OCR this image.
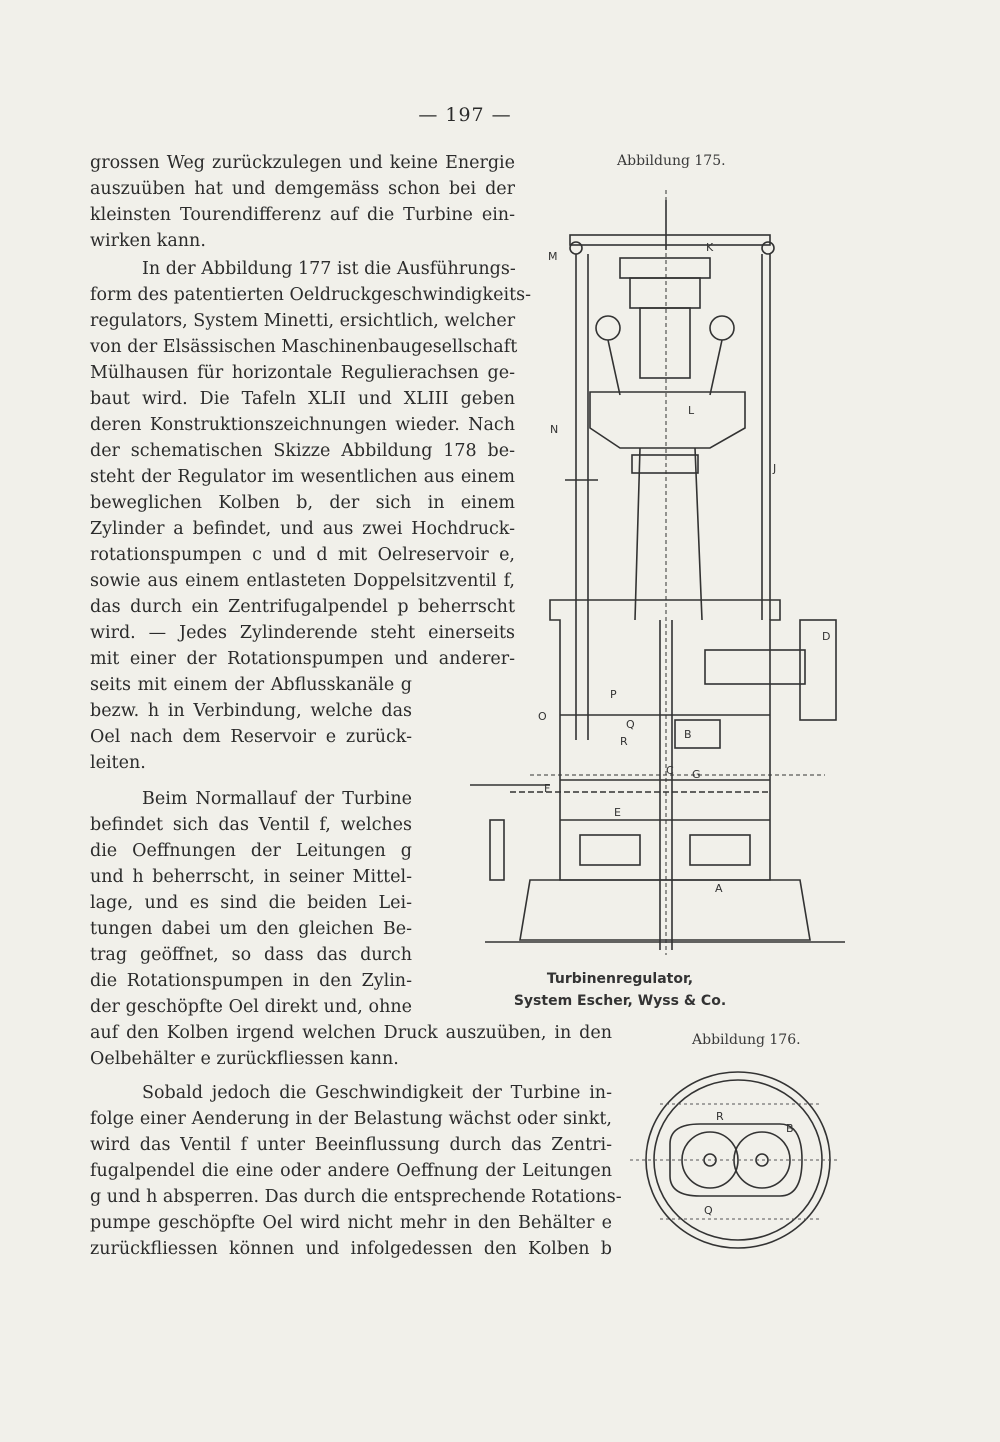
— 197 —
grossen Weg zurückzulegen und keine Energie
auszuüben hat und demgemäss schon bei der
kleinsten Tourendifferenz auf die Turbine ein-
wirken kann.
In der Abbildung 177 ist die Ausführungs-
form des patentierten Oeldruckgeschwindigkeits-
regulators, System Minetti, ersichtlich, welcher
von der Elsässischen Maschinenbaugesellschaft
Mülhausen für horizontale Regulierachsen ge-
baut wird. Die Tafeln XLII und XLIII geben
deren Konstruktionszeichnungen wieder. Nach
der schematischen Skizze Abbildung 178 be-
steht der Regulator im wesentlichen aus einem
beweglichen Kolben b, der sich in einem
Zylinder a befindet, und aus zwei Hochdruck-
rotationspumpen c und d mit Oelreservoir e,
sowie aus einem entlasteten Doppelsitzventil f,
das durch ein Zentrifugalpendel p beherrscht
wird. — Jedes Zylinderende steht einerseits
mit einer der Rotationspumpen und anderer-
seits mit einem der Abflusskanäle g
bezw. h in Verbindung, welche das
Oel nach dem Reservoir e zurück-
leiten.
Beim Normallauf der Turbine
befindet sich das Ventil f, welches
die Oeffnungen der Leitungen g
und h beherrscht, in seiner Mittel-
lage, und es sind die beiden Lei-
tungen dabei um den gleichen Be-
trag geöffnet, so dass das durch
die Rotationspumpen in den Zylin-
der geschöpfte Oel direkt und, ohne
auf den Kolben irgend welchen Druck auszuüben, in den
Oelbehälter e zurückfliessen kann.
Sobald jedoch die Geschwindigkeit der Turbine in-
folge einer Aenderung in der Belastung wächst oder sinkt,
wird das Ventil f unter Beeinflussung durch das Zentri-
fugalpendel die eine oder andere Oeffnung der Leitungen
g und h absperren. Das durch die entsprechende Rotations-
pumpe geschöpfte Oel wird nicht mehr in den Behälter e
zurückfliessen können und infolgedessen den Kolben b
Abbildung 175.
M
K
L
N
J
D
P
O
Q
R
B
G
C
F
E
A
Turbinenregulator,
System Escher, Wyss & Co.
Abbildung 176.
R
B
Q
